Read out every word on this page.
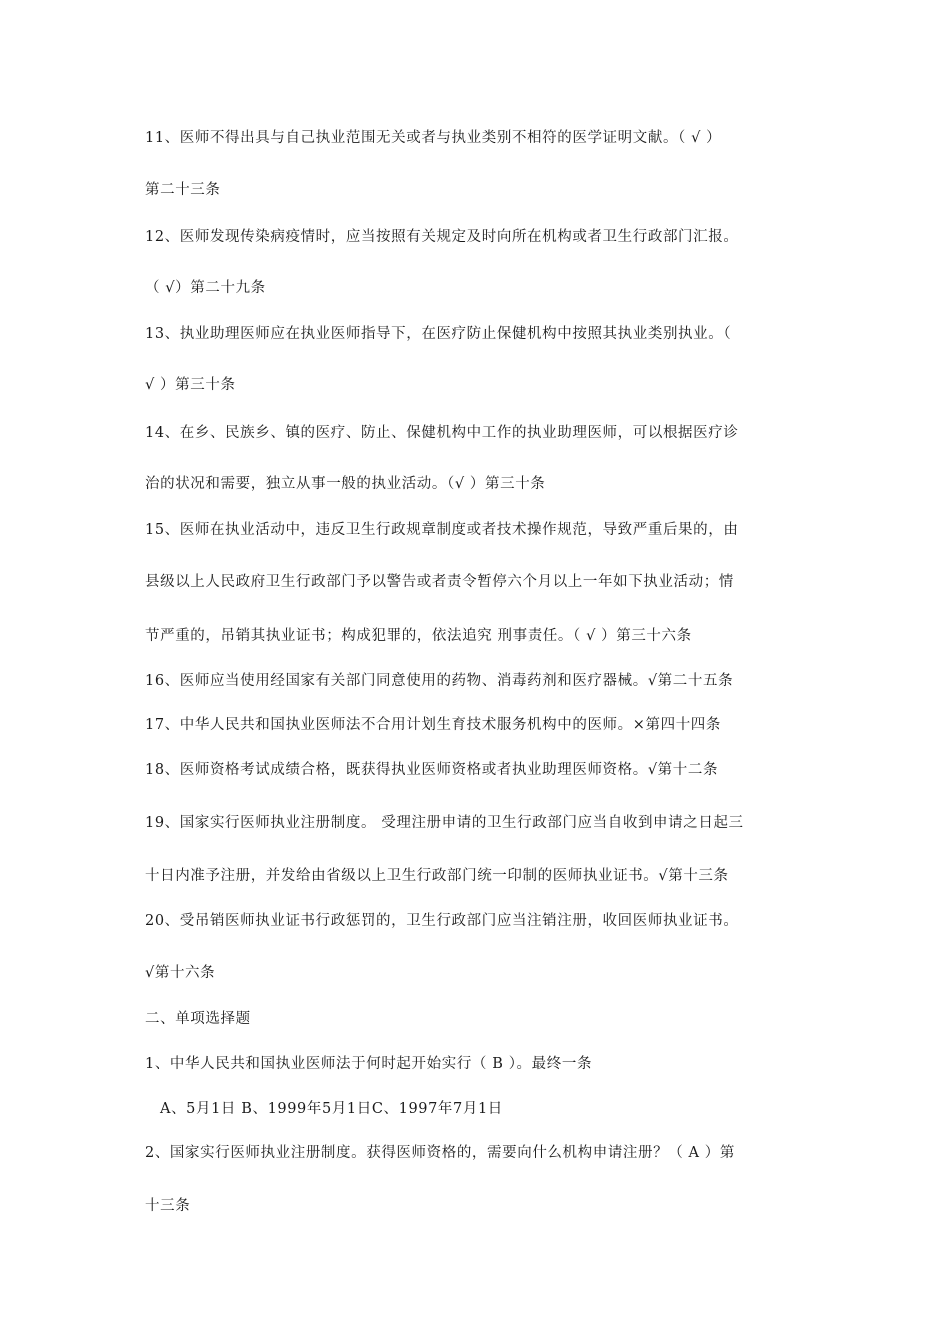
11、医师不得出具与自己执业范围无关或者与执业类别不相符的医学证明文献。（ √ ）
第二十三条
12、医师发现传染病疫情时，应当按照有关规定及时向所在机构或者卫生行政部门汇报。
（ √）第二十九条
13、执业助理医师应在执业医师指导下，在医疗防止保健机构中按照其执业类别执业。（
√ ）第三十条
14、在乡、民族乡、镇的医疗、防止、保健机构中工作的执业助理医师，可以根据医疗诊
治的状况和需要，独立从事一般的执业活动。（√ ）第三十条
15、医师在执业活动中，违反卫生行政规章制度或者技术操作规范，导致严重后果的，由
县级以上人民政府卫生行政部门予以警告或者责令暂停六个月以上一年如下执业活动；情
节严重的，吊销其执业证书；构成犯罪的，依法追究 刑事责任。（ √ ）第三十六条
16、医师应当使用经国家有关部门同意使用的药物、消毒药剂和医疗器械。√第二十五条
17、中华人民共和国执业医师法不合用计划生育技术服务机构中的医师。×第四十四条
18、医师资格考试成绩合格，既获得执业医师资格或者执业助理医师资格。√第十二条
19、国家实行医师执业注册制度。 受理注册申请的卫生行政部门应当自收到申请之日起三
十日内准予注册，并发给由省级以上卫生行政部门统一印制的医师执业证书。√第十三条
20、受吊销医师执业证书行政惩罚的，卫生行政部门应当注销注册，收回医师执业证书。
√第十六条
二、单项选择题
1、中华人民共和国执业医师法于何时起开始实行（ B ）。最终一条
A、5月1日 B、1999年5月1日C、1997年7月1日
2、国家实行医师执业注册制度。获得医师资格的，需要向什么机构申请注册？（ A ）第
十三条
